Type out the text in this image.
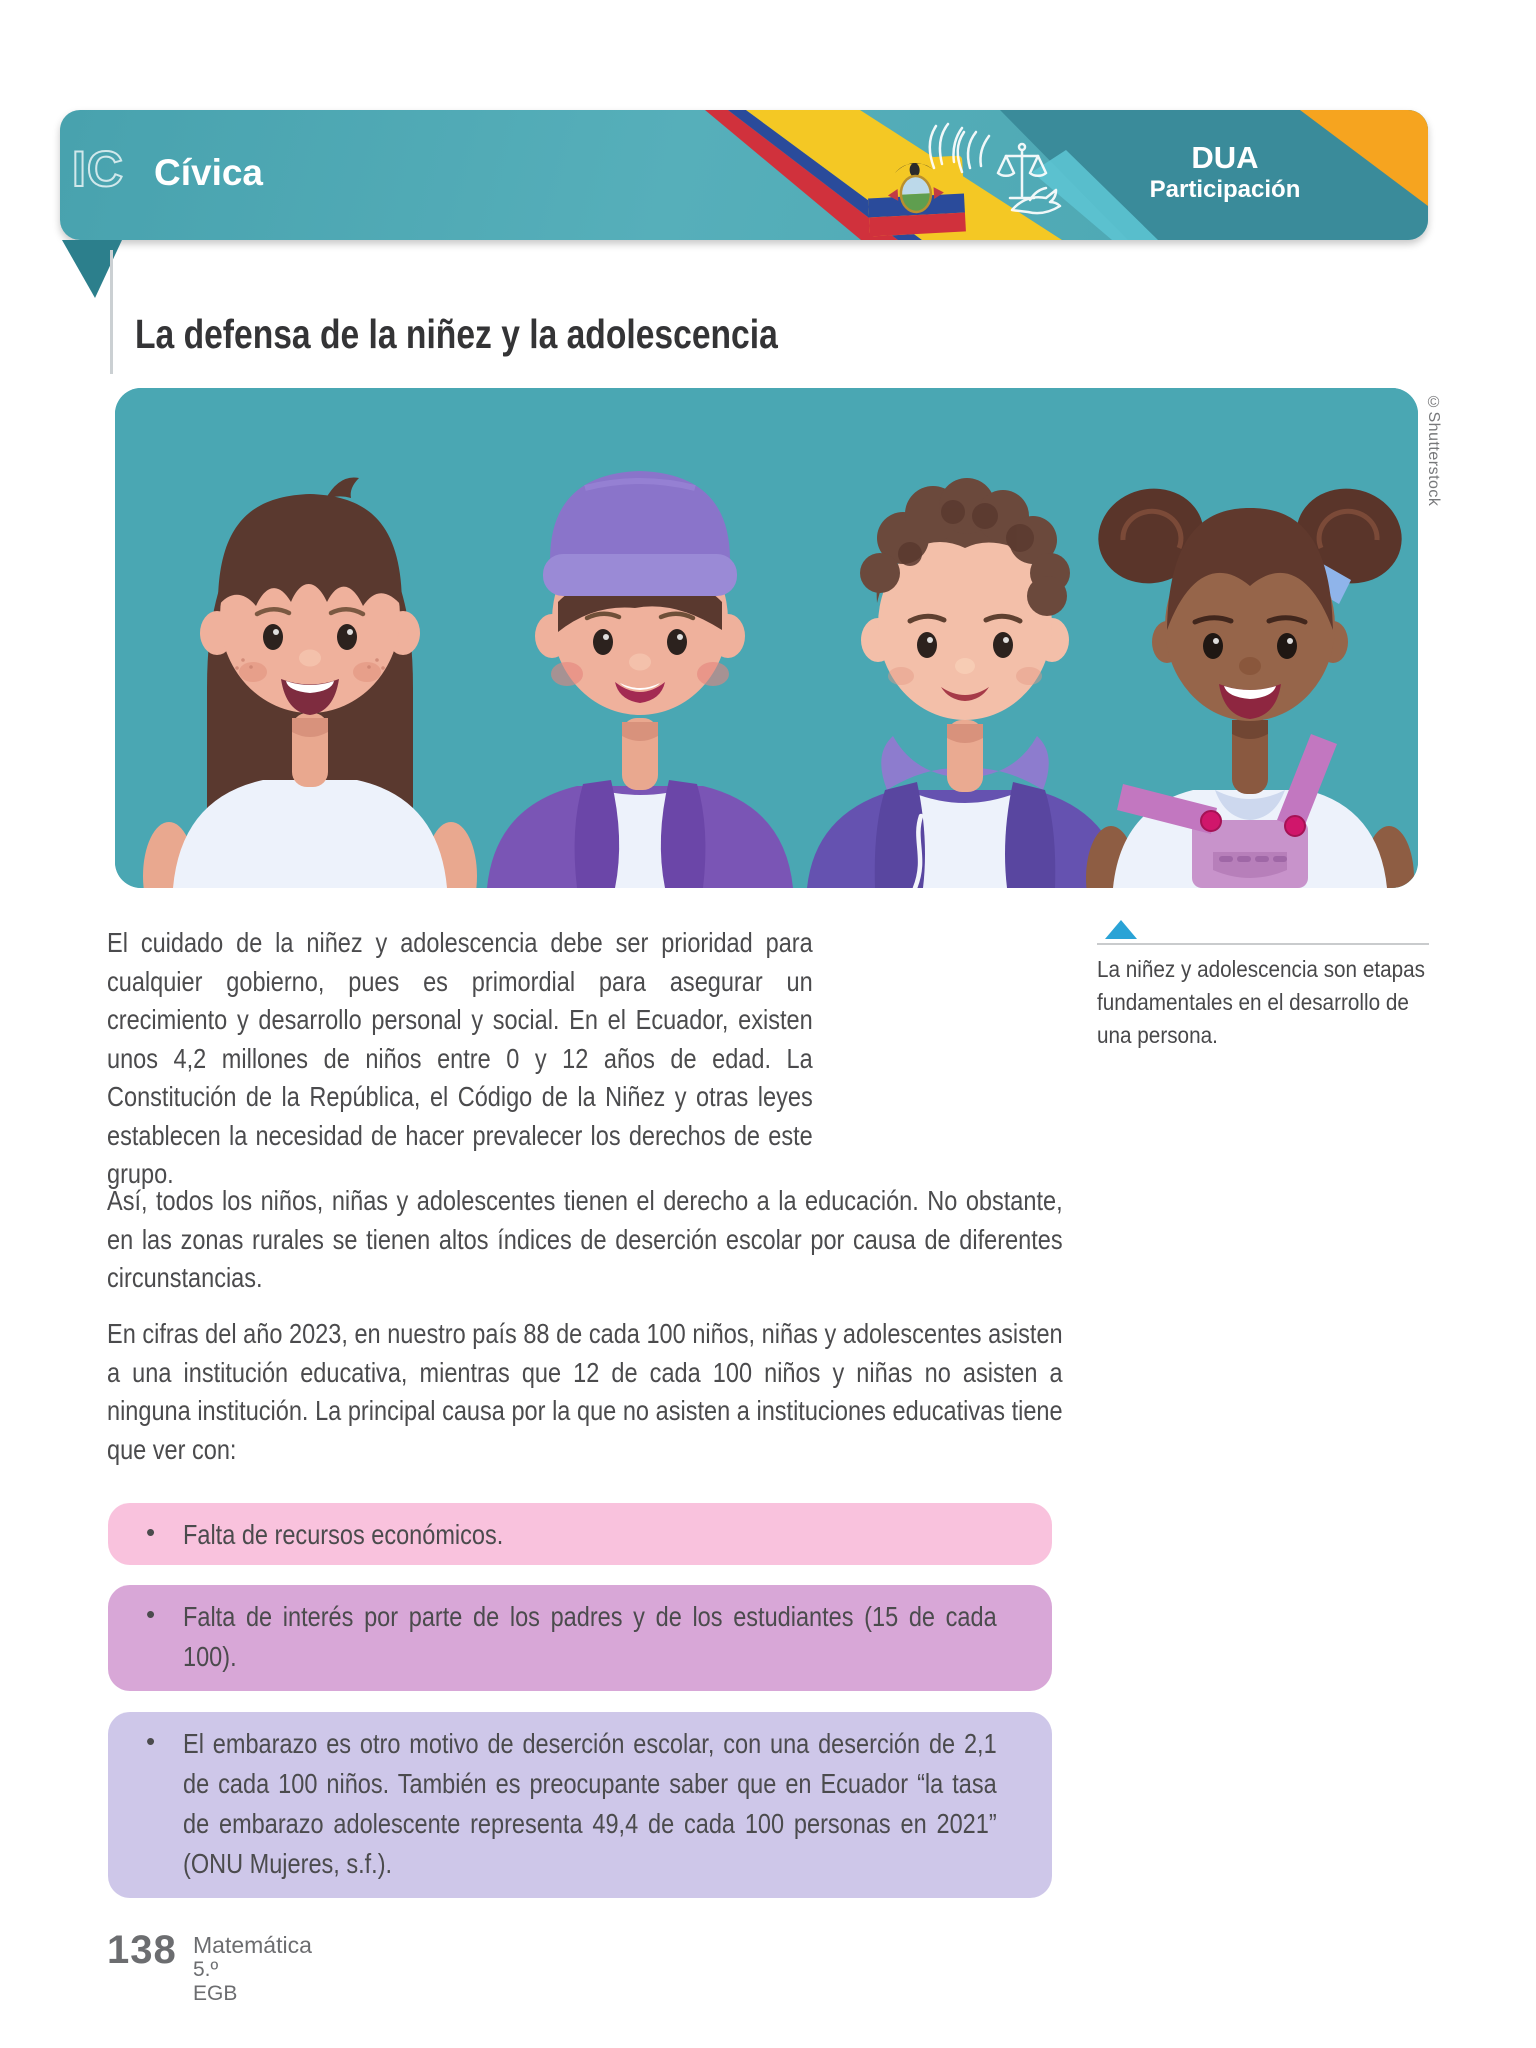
IC Cívica	DUA
Participación
La defensa de la niñez y la adolescencia
©Shutterstock
El cuidado de la niñez y adolescencia debe ser prioridad para cualquier gobierno, pues es primordial para asegurar un crecimiento y desarrollo personal y social. En el Ecuador, existen unos 4,2 millones de niños entre 0 y 12 años de edad. La Constitución de la República, el Código de la Niñez y otras leyes establecen la necesidad de hacer prevalecer los derechos de este grupo.
La niñez y adolescencia son etapas fundamentales en el desarrollo de una persona.
Así, todos los niños, niñas y adolescentes tienen el derecho a la educación. No obstante, en las zonas rurales se tienen altos índices de deserción escolar por causa de diferentes circunstancias.
En cifras del año 2023, en nuestro país 88 de cada 100 niños, niñas y adolescentes asisten a una institución educativa, mientras que 12 de cada 100 niños y niñas no asisten a ninguna institución. La principal causa por la que no asisten a instituciones educativas tiene que ver con:
• Falta de recursos económicos.
• Falta de interés por parte de los padres y de los estudiantes (15 de cada 100).
• El embarazo es otro motivo de deserción escolar, con una deserción de 2,1 de cada 100 niños. También es preocupante saber que en Ecuador “la tasa de embarazo adolescente representa 49,4 de cada 100 personas en 2021” (ONU Mujeres, s.f.).
138 Matemática
5.º EGB
